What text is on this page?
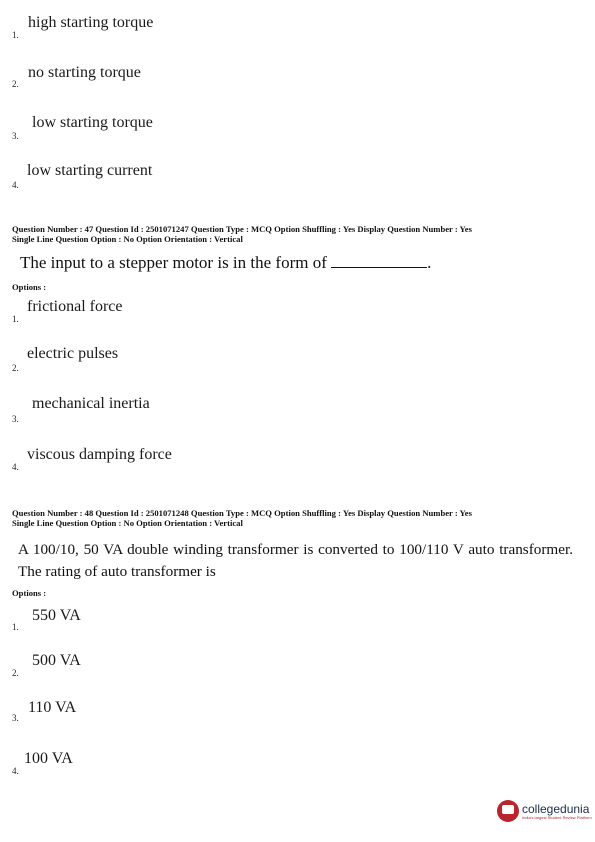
1.
high starting torque
2.
no starting torque
3.
low starting torque
4.
low starting current
Question Number : 47 Question Id : 2501071247 Question Type : MCQ Option Shuffling : Yes Display Question Number : Yes
Single Line Question Option : No Option Orientation : Vertical
The input to a stepper motor is in the form of	.
Options :
1.
frictional force
2.
electric pulses
3.
mechanical inertia
4.
viscous damping force
Question Number : 48 Question Id : 2501071248 Question Type : MCQ Option Shuffling : Yes Display Question Number : Yes
Single Line Question Option : No Option Orientation : Vertical
A 100/10, 50 VA double winding transformer is converted to 100/110 V auto transformer. The rating of auto transformer is
Options :
1.
550 VA
2.
500 VA
3.
110 VA
4.
100 VA
collegedunia
India's largest Student Review Platform
